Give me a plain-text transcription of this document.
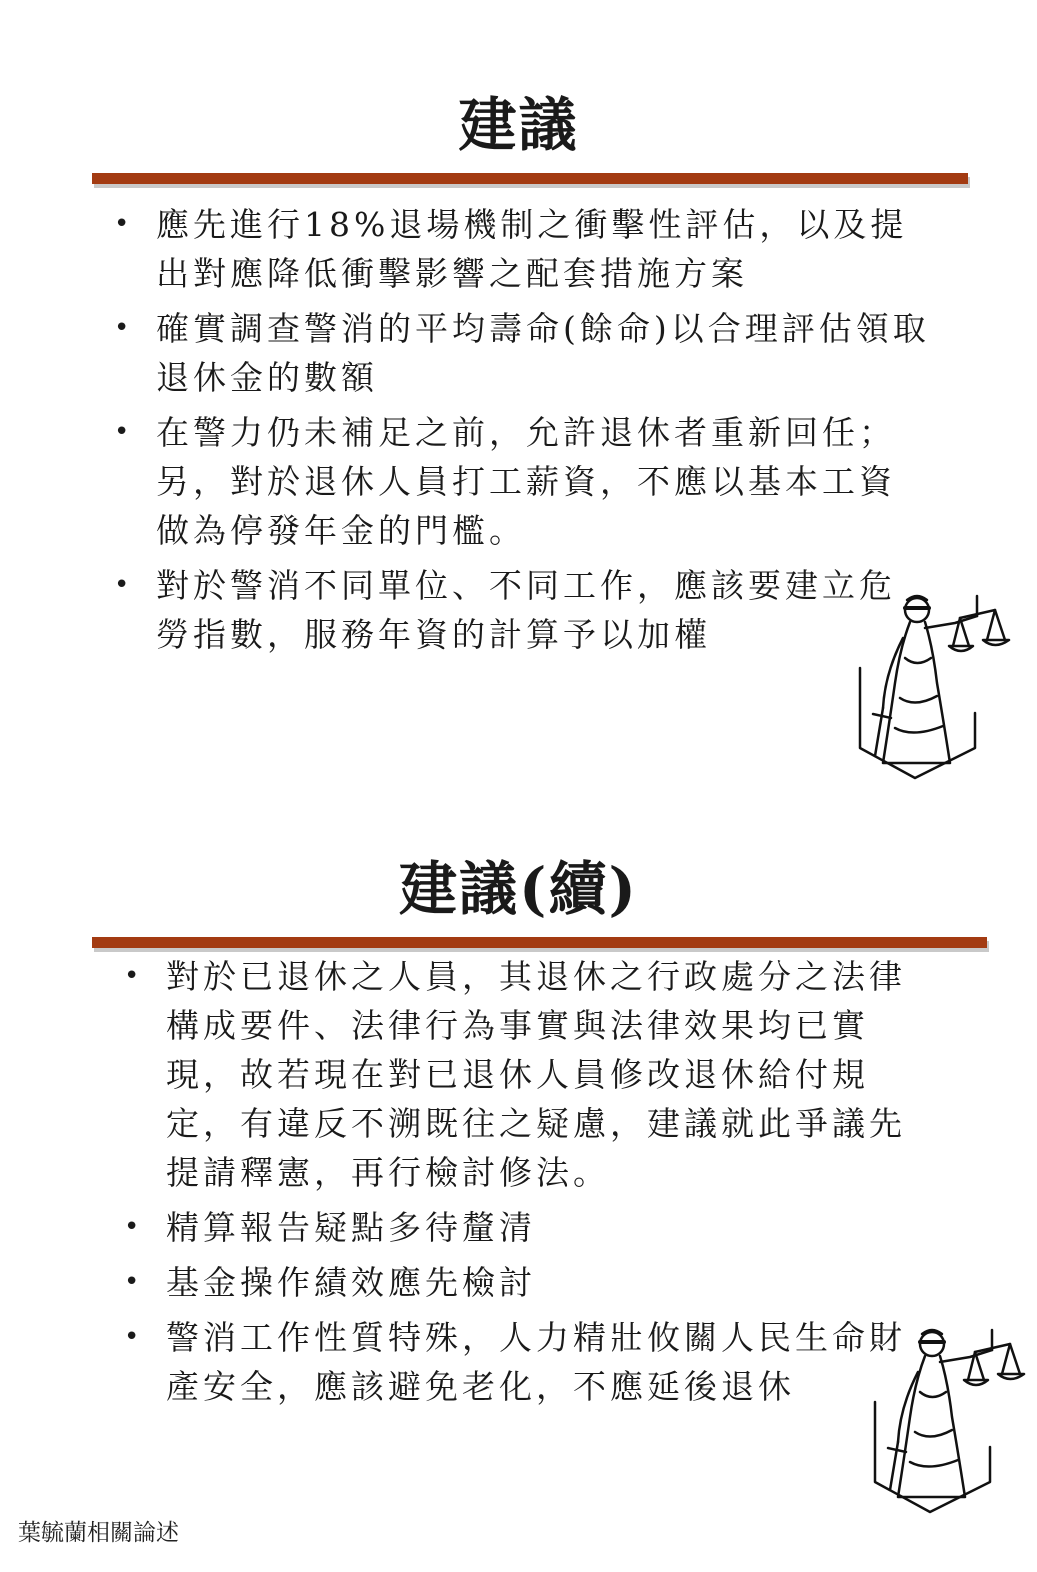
建議
• 應先進行18%退場機制之衝擊性評估，以及提出對應降低衝擊影響之配套措施方案
• 確實調查警消的平均壽命(餘命)以合理評估領取退休金的數額
• 在警力仍未補足之前，允許退休者重新回任；另，對於退休人員打工薪資，不應以基本工資做為停發年金的門檻。
• 對於警消不同單位、不同工作，應該要建立危勞指數，服務年資的計算予以加權
建議(續)
• 對於已退休之人員，其退休之行政處分之法律構成要件、法律行為事實與法律效果均已實現，故若現在對已退休人員修改退休給付規定，有違反不溯既往之疑慮，建議就此爭議先提請釋憲，再行檢討修法。
• 精算報告疑點多待釐清
• 基金操作績效應先檢討
• 警消工作性質特殊，人力精壯攸關人民生命財產安全，應該避免老化，不應延後退休
葉毓蘭相關論述
